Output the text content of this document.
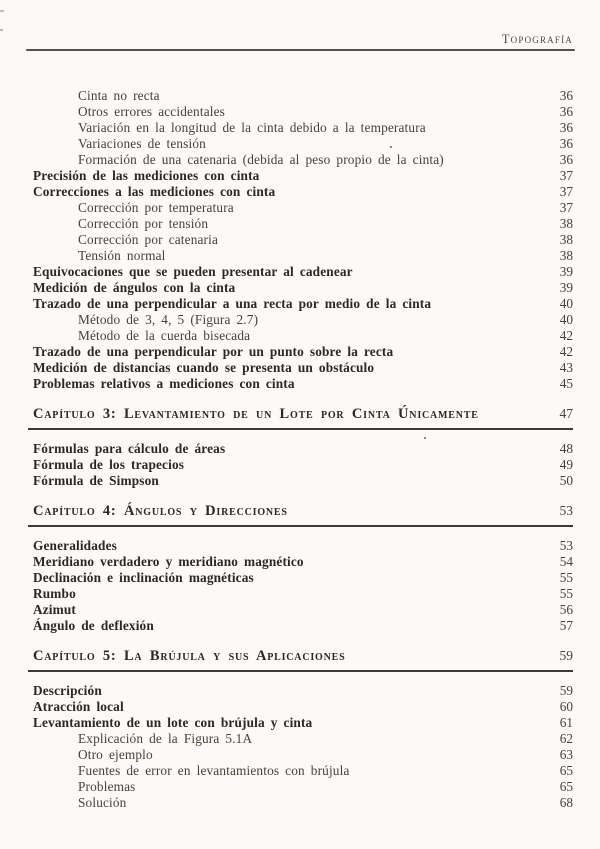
Topografía
Cinta no recta	36
Otros errores accidentales	36
Variación en la longitud de la cinta debido a la temperatura	36
Variaciones de tensión	36
Formación de una catenaria (debida al peso propio de la cinta)	36
Precisión de las mediciones con cinta	37
Correcciones a las mediciones con cinta	37
Corrección por temperatura	37
Corrección por tensión	38
Corrección por catenaria	38
Tensión normal	38
Equivocaciones que se pueden presentar al cadenear	39
Medición de ángulos con la cinta	39
Trazado de una perpendicular a una recta por medio de la cinta	40
Método de 3, 4, 5 (Figura 2.7)	40
Método de la cuerda bisecada	42
Trazado de una perpendicular por un punto sobre la recta	42
Medición de distancias cuando se presenta un obstáculo	43
Problemas relativos a mediciones con cinta	45
Capítulo 3: Levantamiento de un Lote por Cinta Únicamente	47
Fórmulas para cálculo de áreas	48
Fórmula de los trapecios	49
Fórmula de Simpson	50
Capítulo 4: Ángulos y Direcciones	53
Generalidades	53
Meridiano verdadero y meridiano magnético	54
Declinación e inclinación magnéticas	55
Rumbo	55
Azimut	56
Ángulo de deflexión	57
Capítulo 5: La Brújula y sus Aplicaciones	59
Descripción	59
Atracción local	60
Levantamiento de un lote con brújula y cinta	61
Explicación de la Figura 5.1A	62
Otro ejemplo	63
Fuentes de error en levantamientos con brújula	65
Problemas	65
Solución	68
